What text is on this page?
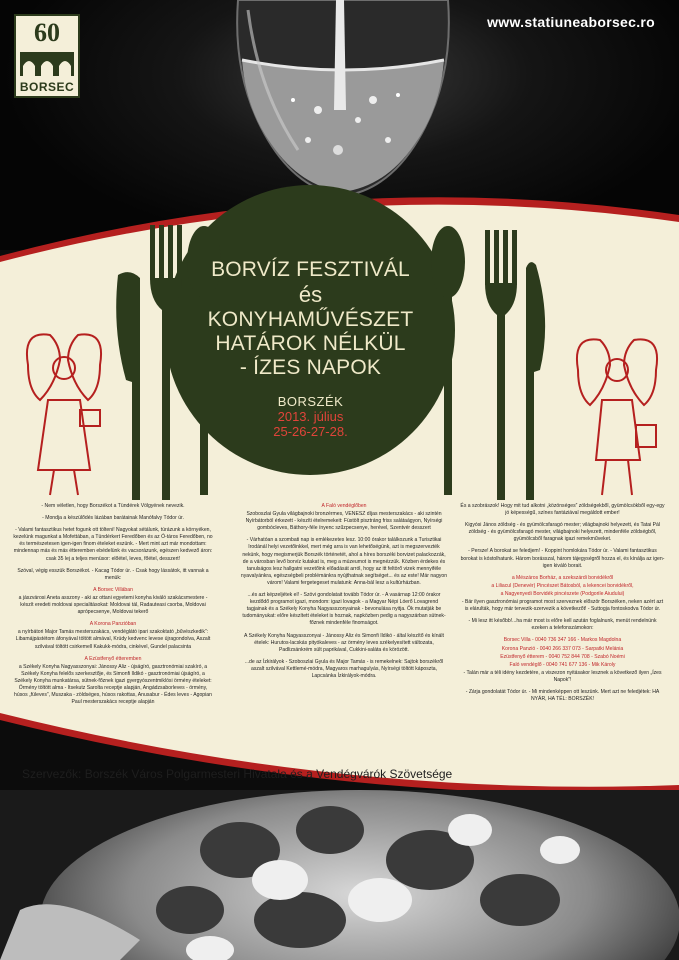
60
BORSEC
www.statiuneaborsec.ro
BORVÍZ FESZTIVÁL
és
KONYHAMŰVÉSZET
HATÁROK NÉLKÜL
- ÍZES NAPOK
BORSZÉK
2013. július
25-26-27-28.

- Nem véletlen, hogy Borszékot a Tündérek Völgyének nevezik.

- Mondja a készülődés lázában barátainak Manófalvy Tódor úr.

- Valami fantasztikus hetet fogunk ott tölteni! Nagyokat sétálunk, túrázunk a környéken, kezelünk magunkat a Mofettában, a Tündérkert Feredőben és az Ó-táros Feredőben, no és természetesen igen-igen finom ételeket eszünk. - Mert mint azt már mondottam: mindennap más és más étteremben ebédelünk és vacsorázunk, egészen kedvező áron: csak 35 lej a teljes menüsor: előétel, leves, főétel, desszert!

Szóval, végig esszük Borszékot. - Kacag Tódor úr. - Csak hogy lássátok, itt vannak a menük:

A Borsec Villában

a jászvárosi Aneta asszony - aki az ottani egyetemi konyha kiváló szakácsmestere - készít eredeti moldovai specialitásokat: Moldovai tál, Radauteasi csorba, Moldovai aprópecsenye, Moldovai tekerő

A Korona Panzióban

a nyírbátori Major Tamás mesterszakács, vendéglátó ipari szakoktató „bűvészkedik”: Libamájpástétom áfonyával töltött almával, Krúdy kedvenc levese újragondolva, Aszalt szilvával töltött csirkemell Kakukk-módra, cinkével, Gundel palacsinta

A Ezüstfenyő étteremben

a Székely Konyha Nagyasszonyai: Jánossy Aliz - újságíró, gasztronómiai szakíró, a Székely Konyha felelős szerkesztője, és Simonfi Ildikó - gasztronómiai újságíró, a Székely Konyha munkatársa, sütnek-főznek igazi gyergyószentmiklósi örmény ételeket: Örmény töltött alma - Itsekutz Sarolta receptje alapján, Angádzsaborleves - örmény, húsos „füleves”, Muszaka - zöldséges, húsos rakottas, Anusabur - Édes leves - Agopian Paul mesterszakács receptje alapján

A Faló vendéglőben

Szoboszlai Gyula világbajnoki bronzérmes, VENESZ díjas mesterszakács - aki szintén Nyírbátorból érkezett - készíti ételremekeit: Füstölt pisztráng friss salátaágyon, Nyírségi gombócleves, Báthory-féle ínyenc szűzpecsenye, herével, Szentvér desszert

- Várhatóan a szombati nap is emlékezetes lesz. 10:00 órakor találkozunk a Turisztikai Irodánál helyi vezetőinkkel, mert még arra is van lehetőségünk, azt is megszervezték nekünk, hogy megismerjük Borszék történetét, ahol a híres borszéki borvizet palackozzák, de a városban levő borvíz kutakat is, meg a múzeumot is megnézzük. Közben érdekes és tanulságos lesz hallgatni vezetőink előadását arról, hogy az itt feltörő vizek mennyiféle nyavalyánkra, egészségbeli problémánkra nyújthatnak segítséget... és az este! Már nagyon várom! Valami fergetegeset mulatunk: Anna-bál lesz a kultúrházban.

...és azt képzeljétek el! - Szövi gondolatait tovább Tódor úr. - A vasárnap 12:00 órakor kezdődő programot igazi, mondom: igazi lovagok - a Magyar Népi Lóerő Lovagrend tagjainak és a Székely Konyha Nagyasszonyainak - bevonulása nyitja. Ők mutatják be tudományukat: előre készített ételeket is hoznak, napközben pedig a nagyszárban sütnek-főznek mindenféle finomságot.

A Székely Konyha Nagyasszonyai - Jánossy Aliz és Simonfi Ildikó - által készítő és kínált ételek: Hurutos-lacskás pityókaleves - az örmény leves székelyesített változata, Padlizsánkrém sült paprikával, Cukkini-saláta és körözött.

...de az Ízkirályok - Szoboszlai Gyula és Major Tamás - is remekelnek: Sajtok borszékről aszalt szilvával Kettlemé-módra, Magyaros marhagulyás, Nyírségi töltött káposzta, Lapcsánka Ízkirályok-módra.

És a szobrászok! Hogy mit tud alkotni „közönséges” zöldségekből, gyümölcsökből egy-egy jó képességű, színes fantáziával megáldott ember!

Kigyósi János zöldség - és gyümölcsfaragó mester; világbajnoki helyezett, és Tatai Pál zöldség - és gyümölcsfaragó mester, világbajnoki helyezett, mindenféle zöldségből, gyümölcsből faragnak igazi remekműveket.

- Persze! A borokat se feledjem! - Koppint homlokára Tódor úr. - Valami fantasztikus borokat is kóstolhatunk. Három borásszal, három tájegységről hozza el, és kínálja az igen-igen kiváló borait.

a Mészáros Borház, a szekszárdi borvidékről

a Liliacul (Denevér) Pincészet Bátosból, a lekencei borvidékről,

a Nagyenyedi Borvidék pincészete (Podgorile Aiudului)

- Bár ilyen gasztronómiai programot most szerveznek először Borszéken, neken azért azt is elárulták, hogy már tervezik-szervezik a következőt! - Suttogja fontoskodva Tódor úr.

- Mi lesz itt később!...ha már most is előre kell azután foglalnunk, menüt rendelnünk ezeken a telefonszámokon:

Borsec Villa - 0040 736 347 166 - Markos Magdolna

Korona Panzió - 0040 266 337 073 - Sarpatki Melánia

Ezüstfenyő étterem - 0040 752 844 708 - Szabó Noémi

Faló vendéglő - 0040 741 677 136 - Mik Károly

- Talán már a téli idény kezdetére, a viszezon nyitásakor lesznek a következő ilyen „Ízes Napok”!

- Zárja gondolatát Tódor úr. - Mi mindenképpen ott leszünk. Mert azt ne feledjétek: HA NYÁR, HA TÉL: BORSZÉK!

Szervezők: Borszék Város Polgarmesteri Hivatala és a Vendégvárók Szövetsége
